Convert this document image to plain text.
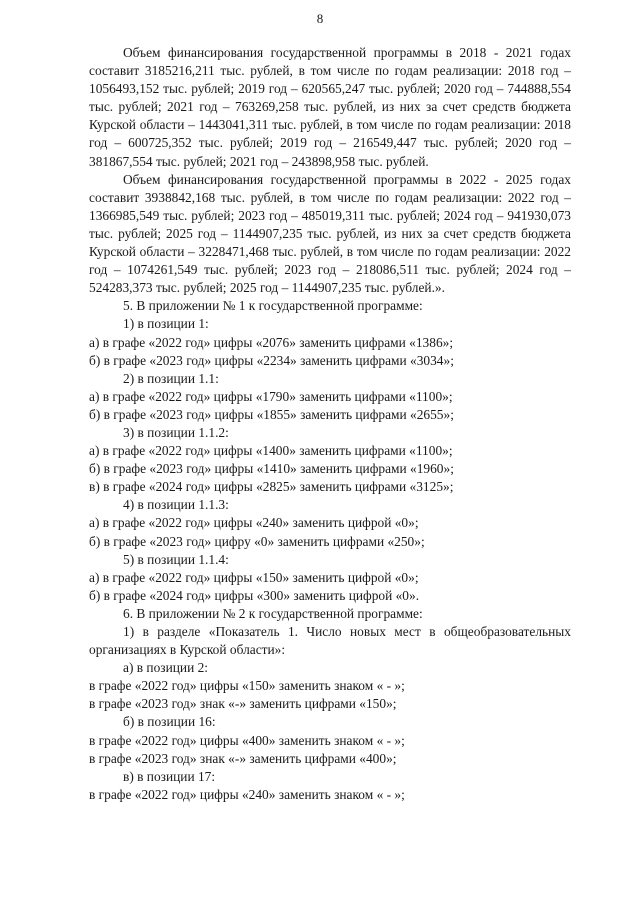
8

Объем финансирования государственной программы в 2018 - 2021 годах составит 3185216,211 тыс. рублей, в том числе по годам реализации: 2018 год – 1056493,152 тыс. рублей; 2019 год – 620565,247 тыс. рублей; 2020 год – 744888,554 тыс. рублей; 2021 год – 763269,258 тыс. рублей, из них за счет средств бюджета Курской области – 1443041,311 тыс. рублей, в том числе по годам реализации: 2018 год – 600725,352 тыс. рублей; 2019 год – 216549,447 тыс. рублей; 2020 год – 381867,554 тыс. рублей; 2021 год – 243898,958 тыс. рублей.

Объем финансирования государственной программы в 2022 - 2025 годах составит 3938842,168 тыс. рублей, в том числе по годам реализации: 2022 год – 1366985,549 тыс. рублей; 2023 год – 485019,311 тыс. рублей; 2024 год – 941930,073 тыс. рублей; 2025 год – 1144907,235 тыс. рублей, из них за счет средств бюджета Курской области – 3228471,468 тыс. рублей, в том числе по годам реализации: 2022 год – 1074261,549 тыс. рублей; 2023 год – 218086,511 тыс. рублей; 2024 год – 524283,373 тыс. рублей; 2025 год – 1144907,235 тыс. рублей.».

5. В приложении № 1 к государственной программе:
1) в позиции 1:
а) в графе «2022 год» цифры «2076» заменить цифрами «1386»;
б) в графе «2023 год» цифры «2234» заменить цифрами «3034»;
2) в позиции 1.1:
а) в графе «2022 год» цифры «1790» заменить цифрами «1100»;
б) в графе «2023 год» цифры «1855» заменить цифрами «2655»;
3) в позиции 1.1.2:
а) в графе «2022 год» цифры «1400» заменить цифрами «1100»;
б) в графе «2023 год» цифры «1410» заменить цифрами «1960»;
в) в графе «2024 год» цифры «2825» заменить цифрами «3125»;
4) в позиции 1.1.3:
а) в графе «2022 год» цифры «240» заменить цифрой «0»;
б) в графе «2023 год» цифру «0» заменить цифрами «250»;
5) в позиции 1.1.4:
а) в графе «2022 год» цифры «150» заменить цифрой «0»;
б) в графе «2024 год» цифры «300» заменить цифрой «0».
6. В приложении № 2 к государственной программе:

1) в разделе «Показатель 1. Число новых мест в общеобразовательных организациях в Курской области»:

а) в позиции 2:
в графе «2022 год» цифры «150» заменить знаком « - »;
в графе «2023 год» знак «-» заменить цифрами «150»;
б) в позиции 16:
в графе «2022 год» цифры «400» заменить знаком « - »;
в графе «2023 год» знак «-» заменить цифрами «400»;
в) в позиции 17:
в графе «2022 год» цифры «240» заменить знаком « - »;
